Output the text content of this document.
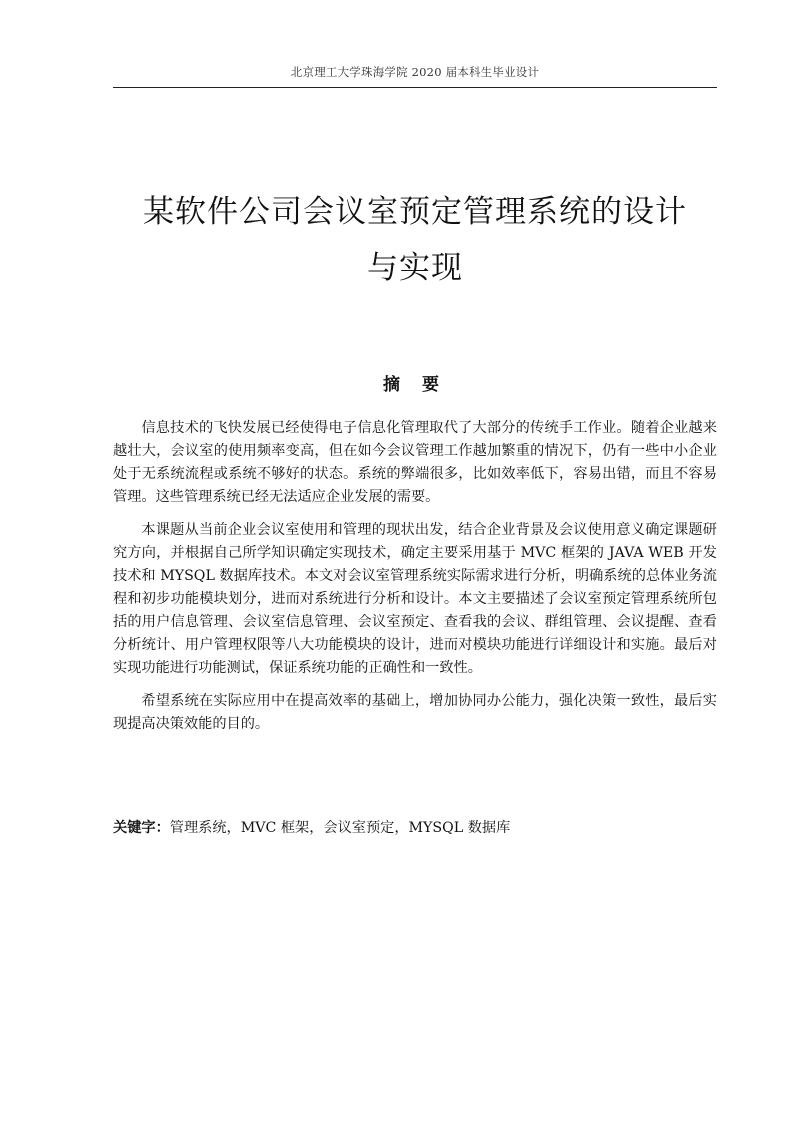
北京理工大学珠海学院 2020 届本科生毕业设计
某软件公司会议室预定管理系统的设计
与实现
摘 要

信息技术的飞快发展已经使得电子信息化管理取代了大部分的传统手工作业。随着企业越来越壮大，会议室的使用频率变高，但在如今会议管理工作越加繁重的情况下，仍有一些中小企业处于无系统流程或系统不够好的状态。系统的弊端很多，比如效率低下，容易出错，而且不容易管理。这些管理系统已经无法适应企业发展的需要。

本课题从当前企业会议室使用和管理的现状出发，结合企业背景及会议使用意义确定课题研究方向，并根据自己所学知识确定实现技术，确定主要采用基于 MVC 框架的 JAVA WEB 开发技术和 MYSQL 数据库技术。本文对会议室管理系统实际需求进行分析，明确系统的总体业务流程和初步功能模块划分，进而对系统进行分析和设计。本文主要描述了会议室预定管理系统所包括的用户信息管理、会议室信息管理、会议室预定、查看我的会议、群组管理、会议提醒、查看分析统计、用户管理权限等八大功能模块的设计，进而对模块功能进行详细设计和实施。最后对实现功能进行功能测试，保证系统功能的正确性和一致性。

希望系统在实际应用中在提高效率的基础上，增加协同办公能力，强化决策一致性，最后实现提高决策效能的目的。

关键字：管理系统，MVC 框架，会议室预定，MYSQL 数据库
